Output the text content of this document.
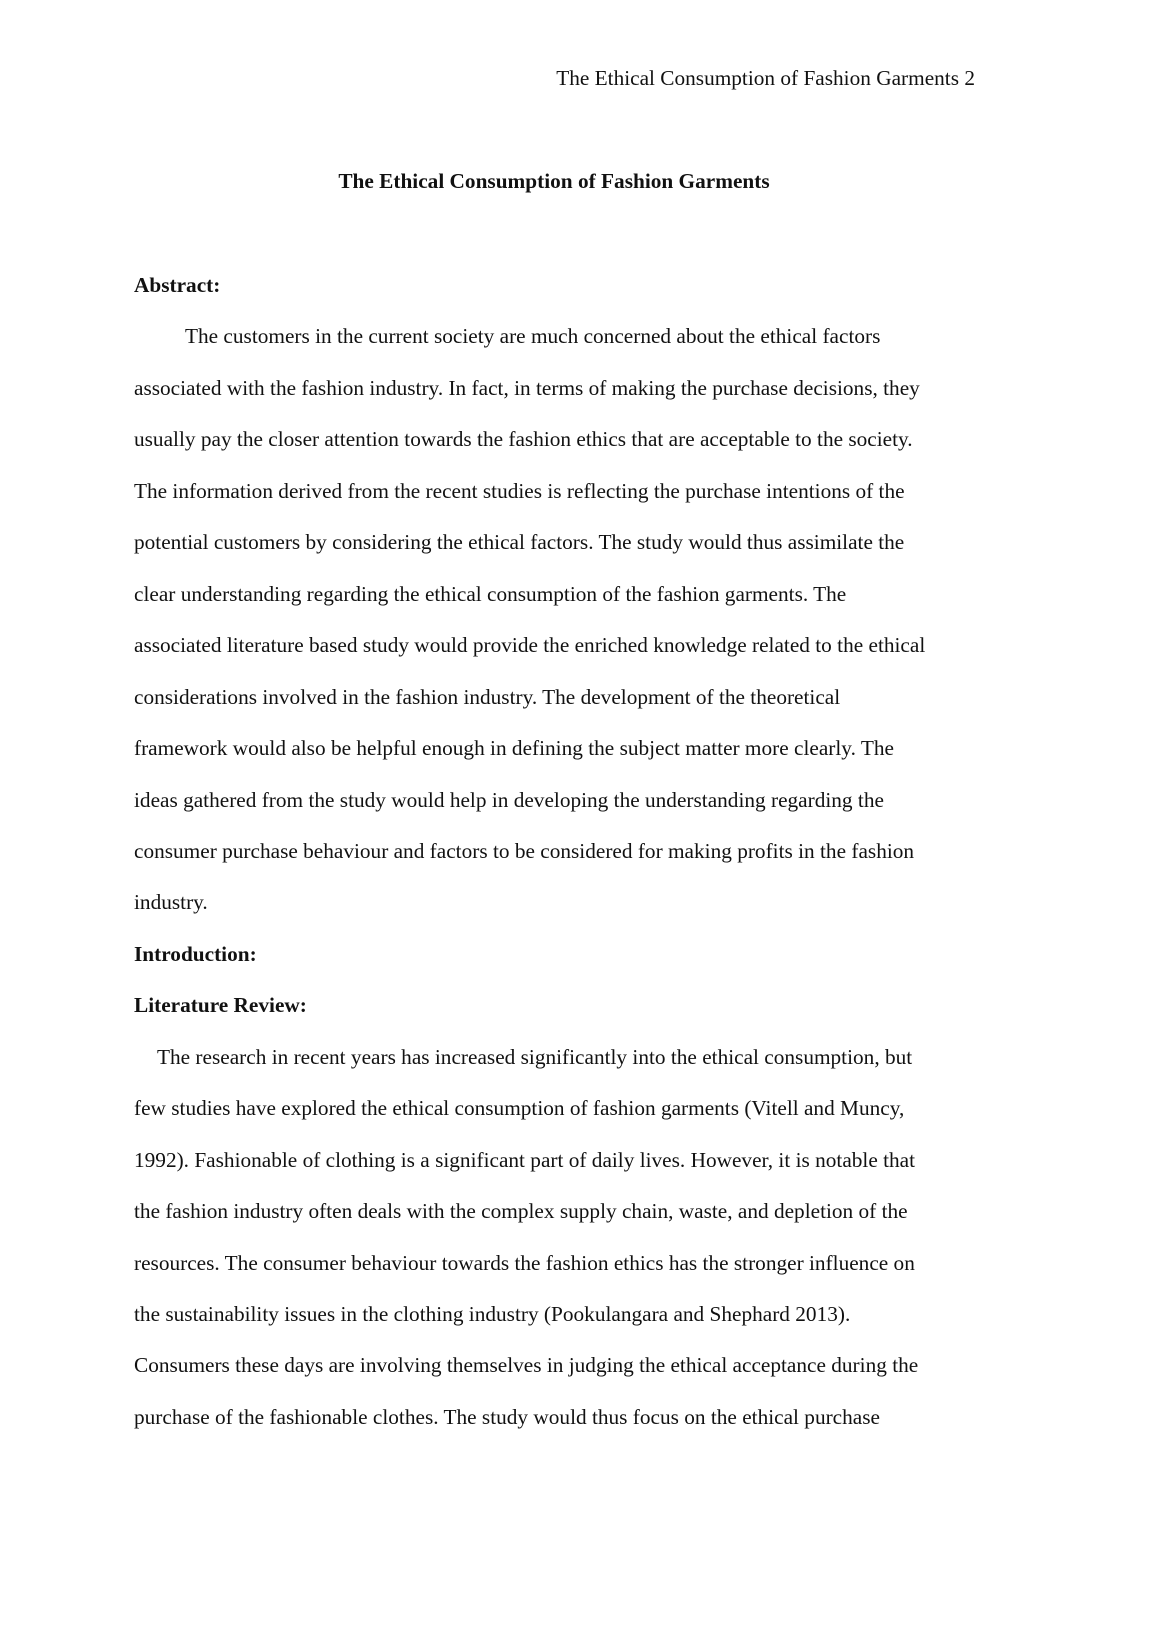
The Ethical Consumption of Fashion Garments 2
The Ethical Consumption of Fashion Garments
Abstract:
The customers in the current society are much concerned about the ethical factors
associated with the fashion industry. In fact, in terms of making the purchase decisions, they
usually pay the closer attention towards the fashion ethics that are acceptable to the society.
The information derived from the recent studies is reflecting the purchase intentions of the
potential customers by considering the ethical factors. The study would thus assimilate the
clear understanding regarding the ethical consumption of the fashion garments. The
associated literature based study would provide the enriched knowledge related to the ethical
considerations involved in the fashion industry. The development of the theoretical
framework would also be helpful enough in defining the subject matter more clearly. The
ideas gathered from the study would help in developing the understanding regarding the
consumer purchase behaviour and factors to be considered for making profits in the fashion
industry.
Introduction:
Literature Review:
The research in recent years has increased significantly into the ethical consumption, but
few studies have explored the ethical consumption of fashion garments (Vitell and Muncy,
1992). Fashionable of clothing is a significant part of daily lives. However, it is notable that
the fashion industry often deals with the complex supply chain, waste, and depletion of the
resources. The consumer behaviour towards the fashion ethics has the stronger influence on
the sustainability issues in the clothing industry (Pookulangara and Shephard 2013).
Consumers these days are involving themselves in judging the ethical acceptance during the
purchase of the fashionable clothes. The study would thus focus on the ethical purchase
